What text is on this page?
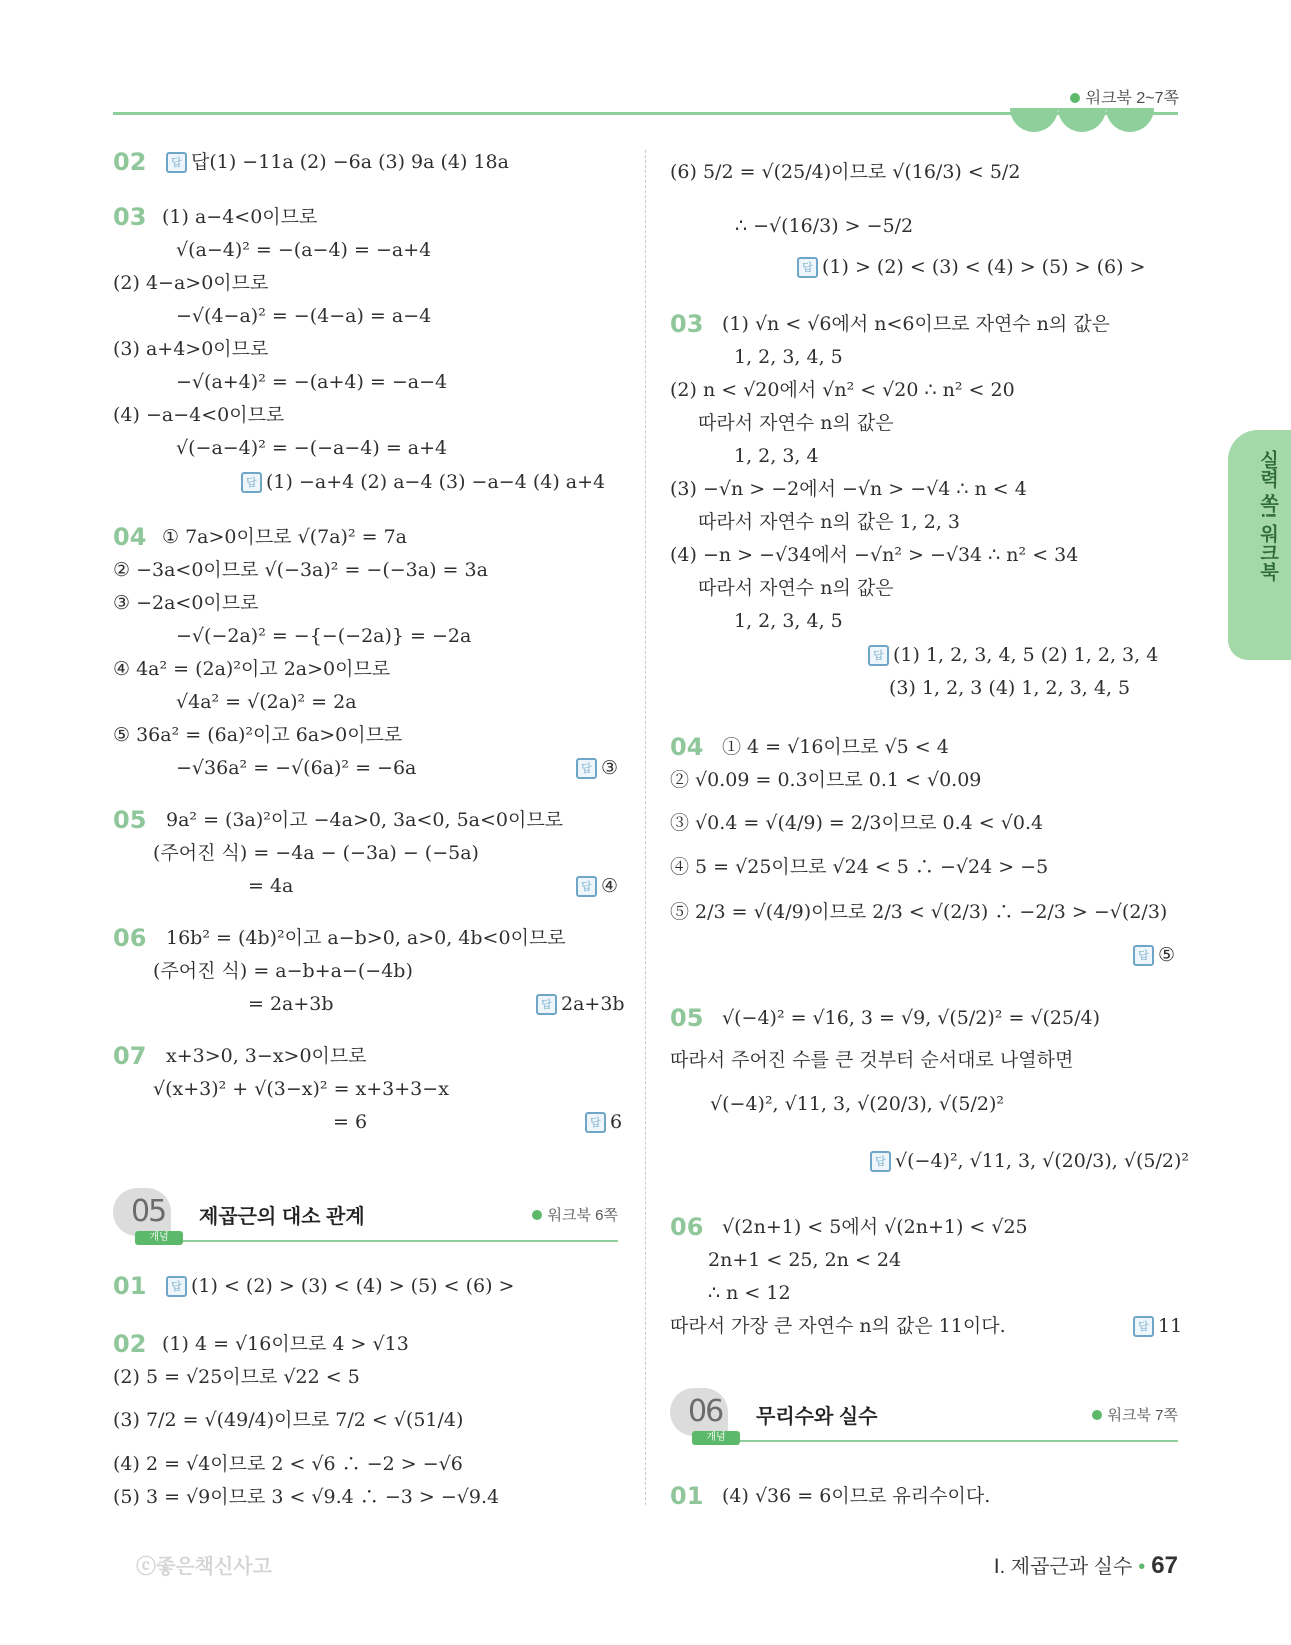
워크북 2~7쪽
실력 쏙! 워크북
02	답 답(1) −11a (2) −6a (3) 9a (4) 18a
03 (1) a−4<0이므로
√(a−4)² = −(a−4) = −a+4
(2) 4−a>0이므로
−√(4−a)² = −(4−a) = a−4
(3) a+4>0이므로
−√(a+4)² = −(a+4) = −a−4
(4) −a−4<0이므로
√(−a−4)² = −(−a−4) = a+4
답 (1) −a+4 (2) a−4 (3) −a−4 (4) a+4
04 ① 7a>0이므로 √(7a)² = 7a
② −3a<0이므로 √(−3a)² = −(−3a) = 3a
③ −2a<0이므로
−√(−2a)² = −{−(−2a)} = −2a
④ 4a² = (2a)²이고 2a>0이므로
√4a² = √(2a)² = 2a
⑤ 36a² = (6a)²이고 6a>0이므로
−√36a² = −√(6a)² = −6a	답 ③
05 9a² = (3a)²이고 −4a>0, 3a<0, 5a<0이므로
(주어진 식) = −4a − (−3a) − (−5a)
= 4a	답 ④
06 16b² = (4b)²이고 a−b>0, a>0, 4b<0이므로
(주어진 식) = a−b+a−(−4b)
= 2a+3b	답 2a+3b
07 x+3>0, 3−x>0이므로
√(x+3)² + √(3−x)² = x+3+3−x
= 6	답 6
05
개념
제곱근의 대소 관계	워크북 6쪽
01	답 (1) < (2) > (3) < (4) > (5) < (6) >
02 (1) 4 = √16이므로 4 > √13
(2) 5 = √25이므로 √22 < 5
(3) 7/2 = √(49/4)이므로 7/2 < √(51/4)
(4) 2 = √4이므로 2 < √6 ∴ −2 > −√6
(5) 3 = √9이므로 3 < √9.4 ∴ −3 > −√9.4
(6) 5/2 = √(25/4)이므로 √(16/3) < 5/2
∴ −√(16/3) > −5/2
답 (1) > (2) < (3) < (4) > (5) > (6) >
03 (1) √n < √6에서 n<6이므로 자연수 n의 값은
1, 2, 3, 4, 5
(2) n < √20에서 √n² < √20 ∴ n² < 20
따라서 자연수 n의 값은
1, 2, 3, 4
(3) −√n > −2에서 −√n > −√4 ∴ n < 4
따라서 자연수 n의 값은 1, 2, 3
(4) −n > −√34에서 −√n² > −√34 ∴ n² < 34
따라서 자연수 n의 값은
1, 2, 3, 4, 5
답 (1) 1, 2, 3, 4, 5 (2) 1, 2, 3, 4
(3) 1, 2, 3 (4) 1, 2, 3, 4, 5
04 ① 4 = √16이므로 √5 < 4
② √0.09 = 0.3이므로 0.1 < √0.09
③ √0.4̇ = √(4/9) = 2/3이므로 0.4 < √0.4̇
④ 5 = √25이므로 √24 < 5 ∴ −√24 > −5
⑤ 2/3 = √(4/9)이므로 2/3 < √(2/3) ∴ −2/3 > −√(2/3)
답 ⑤
05 √(−4)² = √16, 3 = √9, √(5/2)² = √(25/4)
따라서 주어진 수를 큰 것부터 순서대로 나열하면
√(−4)², √11, 3, √(20/3), √(5/2)²
답 √(−4)², √11, 3, √(20/3), √(5/2)²
06 √(2n+1) < 5에서 √(2n+1) < √25
2n+1 < 25, 2n < 24
∴ n < 12
따라서 가장 큰 자연수 n의 값은 11이다.	답 11
06
개념
무리수와 실수	워크북 7쪽
01 (4) √36 = 6이므로 유리수이다.
ⓒ좋은책신사고	Ⅰ. 제곱근과 실수 • 67
